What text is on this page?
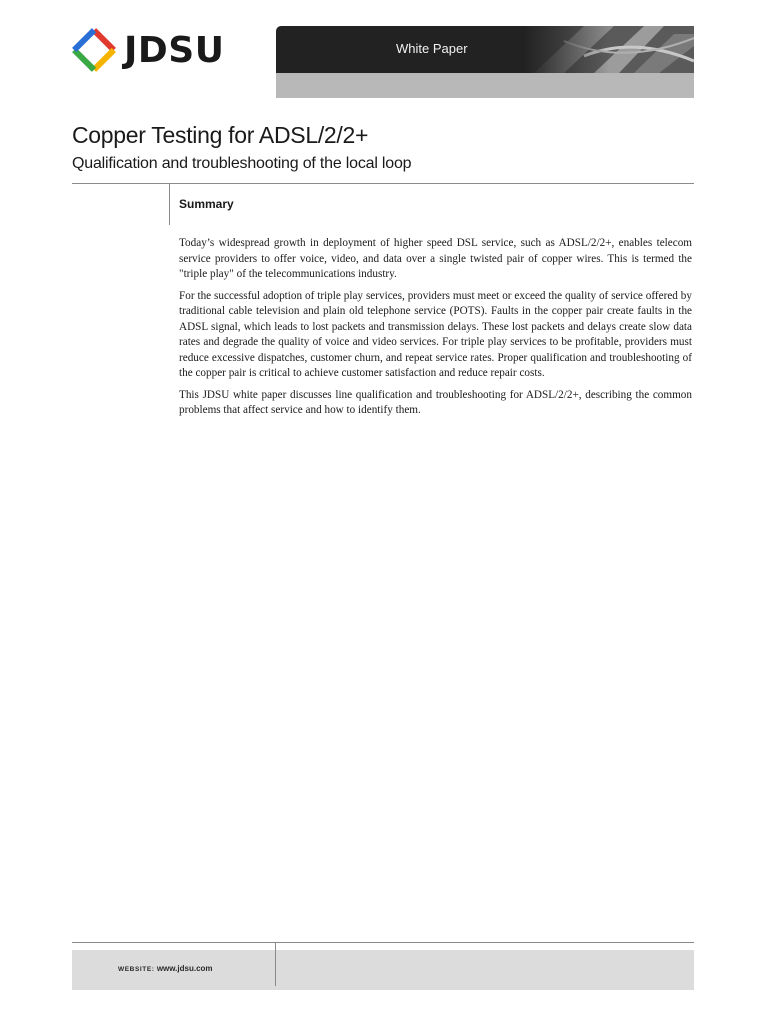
JDSU	White Paper
Copper Testing for ADSL/2/2+
Qualification and troubleshooting of the local loop
Summary

Today’s widespread growth in deployment of higher speed DSL service, such as ADSL/2/2+, enables telecom service providers to offer voice, video, and data over a single twisted pair of copper wires. This is termed the "triple play" of the telecommunications industry.

For the successful adoption of triple play services, providers must meet or exceed the quality of service offered by traditional cable television and plain old telephone service (POTS). Faults in the copper pair create faults in the ADSL signal, which leads to lost packets and transmission delays. These lost packets and delays create slow data rates and degrade the quality of voice and video services. For triple play services to be profitable, providers must reduce excessive dispatches, customer churn, and repeat service rates. Proper qualification and troubleshooting of the copper pair is critical to achieve customer satisfaction and reduce repair costs.

This JDSU white paper discusses line qualification and troubleshooting for ADSL/2/2+, describing the common problems that affect service and how to identify them.

WEBSITE: www.jdsu.com
